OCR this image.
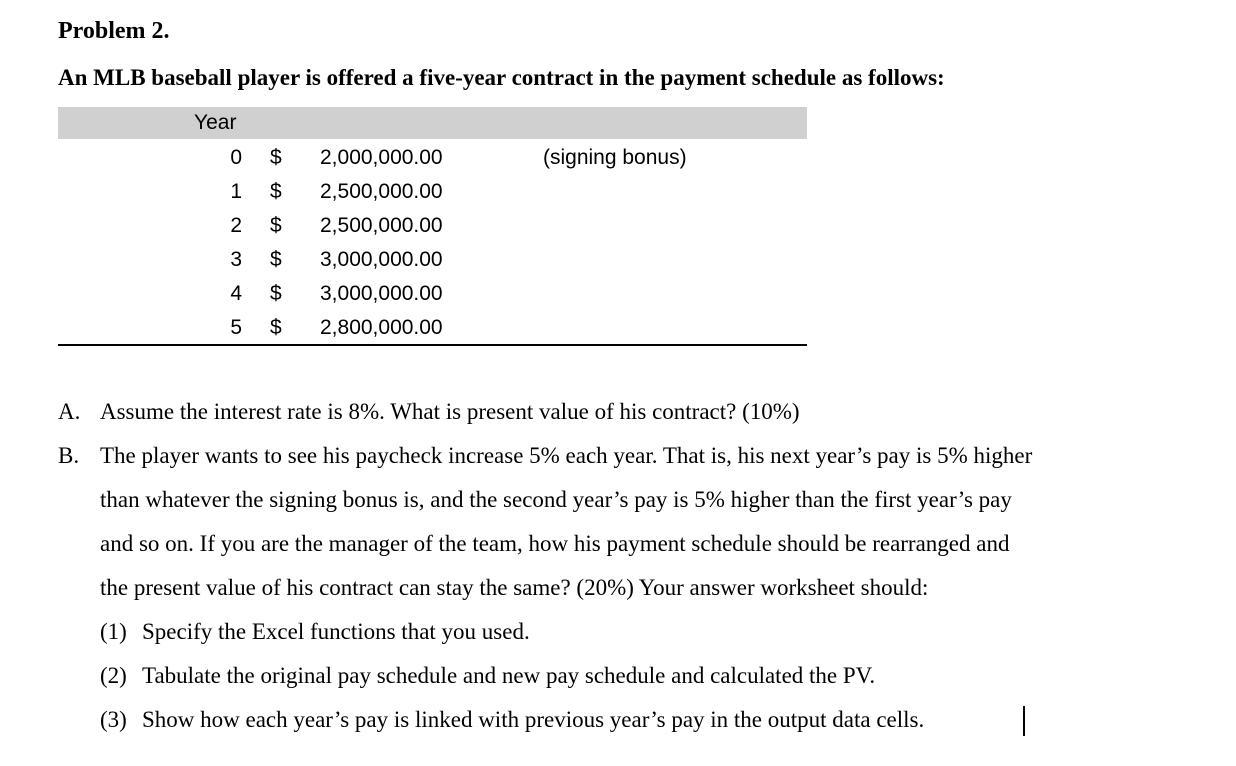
Problem 2.
An MLB baseball player is offered a five-year contract in the payment schedule as follows:
Year
0 $ 2,000,000.00	(signing bonus)
1 $ 2,500,000.00
2 $ 2,500,000.00
3 $ 3,000,000.00
4 $ 3,000,000.00
5 $ 2,800,000.00
A. Assume the interest rate is 8%. What is present value of his contract? (10%)
B. The player wants to see his paycheck increase 5% each year. That is, his next year’s pay is 5% higher
than whatever the signing bonus is, and the second year’s pay is 5% higher than the first year’s pay
and so on. If you are the manager of the team, how his payment schedule should be rearranged and
the present value of his contract can stay the same? (20%) Your answer worksheet should:
(1) Specify the Excel functions that you used.
(2) Tabulate the original pay schedule and new pay schedule and calculated the PV.
(3) Show how each year’s pay is linked with previous year’s pay in the output data cells.
